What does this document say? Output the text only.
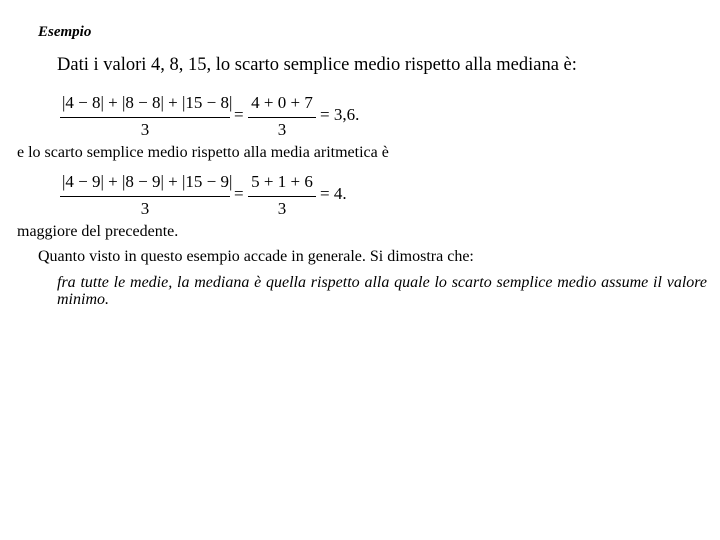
Esempio
Dati i valori 4, 8, 15, lo scarto semplice medio rispetto alla mediana è:
|4 − 8| + |8 − 8| + |15 − 8|
3
=
4 + 0 + 7
3
= 3,6.
e lo scarto semplice medio rispetto alla media aritmetica è
|4 − 9| + |8 − 9| + |15 − 9|
3
=
5 + 1 + 6
3
= 4.
maggiore del precedente.
Quanto visto in questo esempio accade in generale. Si dimostra che:
fra tutte le medie, la mediana è quella rispetto alla quale lo scarto semplice medio assume il valore minimo.
